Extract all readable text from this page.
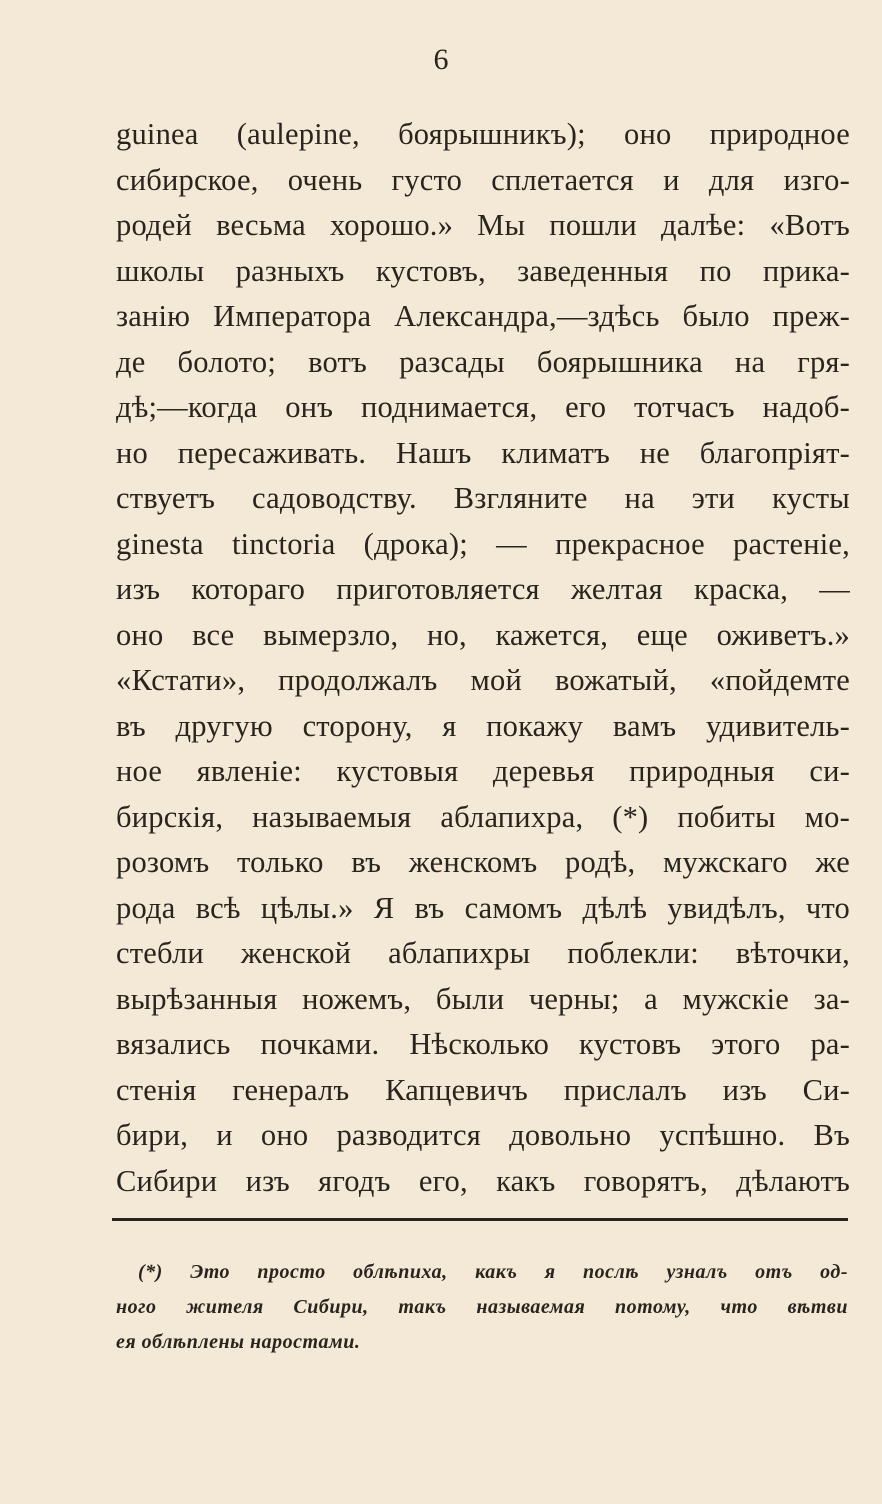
6
guinea (aulepine, боярышникъ); оно природное
сибирское, очень густо сплетается и для изго-
родей весьма хорошо.» Мы пошли далѣе: «Вотъ
школы разныхъ кустовъ, заведенныя по прика-
занію Императора Александра,—здѣсь было преж-
де болото; вотъ разсады боярышника на гря-
дѣ;—когда онъ поднимается, его тотчасъ надоб-
но пересаживать. Нашъ климатъ не благопріят-
ствуетъ садоводству. Взгляните на эти кусты
ginesta tinctoria (дрока); — прекрасное растеніе,
изъ котораго приготовляется желтая краска, —
оно все вымерзло, но, кажется, еще оживетъ.»
«Кстати», продолжалъ мой вожатый, «пойдемте
въ другую сторону, я покажу вамъ удивитель-
ное явленіе: кустовыя деревья природныя си-
бирскія, называемыя аблапихра, (*) побиты мо-
розомъ только въ женскомъ родѣ, мужскаго же
рода всѣ цѣлы.» Я въ самомъ дѣлѣ увидѣлъ, что
стебли женской аблапихры поблекли: вѣточки,
вырѣзанныя ножемъ, были черны; а мужскіе за-
вязались почками. Нѣсколько кустовъ этого ра-
стенія генералъ Капцевичъ прислалъ изъ Си-
бири, и оно разводится довольно успѣшно. Въ
Сибири изъ ягодъ его, какъ говорятъ, дѣлаютъ
(*) Это просто облѣпиха, какъ я послѣ узналъ отъ од-
ного жителя Сибири, такъ называемая потому, что вѣтви
ея облѣплены наростами.
